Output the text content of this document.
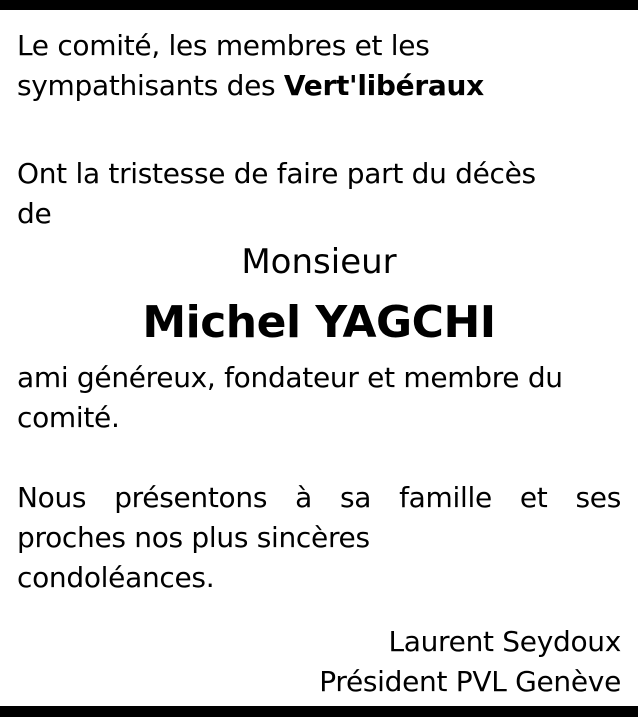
Le comité, les membres et les
sympathisants des Vert'libéraux
Ont la tristesse de faire part du décès
de
Monsieur
Michel YAGCHI
ami généreux, fondateur et membre du
comité.
Nous présentons à sa famille et ses
proches nos plus sincères
condoléances.
Laurent Seydoux
Président PVL Genève
